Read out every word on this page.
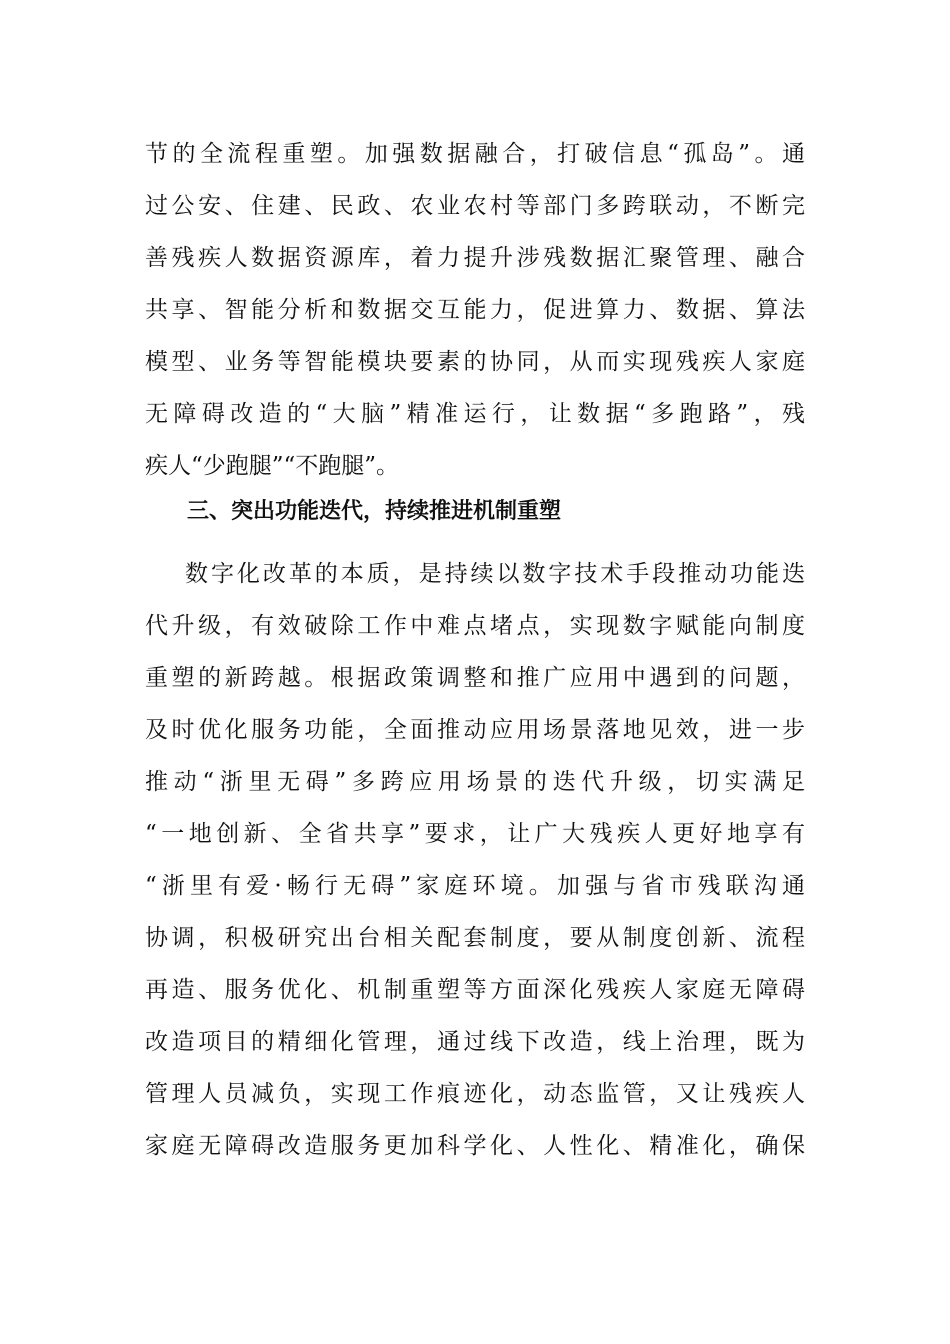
节的全流程重塑。加强数据融合，打破信息“孤岛”。通
过公安、住建、民政、农业农村等部门多跨联动，不断完
善残疾人数据资源库，着力提升涉残数据汇聚管理、融合
共享、智能分析和数据交互能力，促进算力、数据、算法
模型、业务等智能模块要素的协同，从而实现残疾人家庭
无障碍改造的“大脑”精准运行，让数据“多跑路”，残
疾人“少跑腿”“不跑腿”。
三、突出功能迭代，持续推进机制重塑
数字化改革的本质，是持续以数字技术手段推动功能迭
代升级，有效破除工作中难点堵点，实现数字赋能向制度
重塑的新跨越。根据政策调整和推广应用中遇到的问题，
及时优化服务功能，全面推动应用场景落地见效，进一步
推动“浙里无碍”多跨应用场景的迭代升级，切实满足
“一地创新、全省共享”要求，让广大残疾人更好地享有
“浙里有爱·畅行无碍”家庭环境。加强与省市残联沟通
协调，积极研究出台相关配套制度，要从制度创新、流程
再造、服务优化、机制重塑等方面深化残疾人家庭无障碍
改造项目的精细化管理，通过线下改造，线上治理，既为
管理人员减负，实现工作痕迹化，动态监管，又让残疾人
家庭无障碍改造服务更加科学化、人性化、精准化，确保
